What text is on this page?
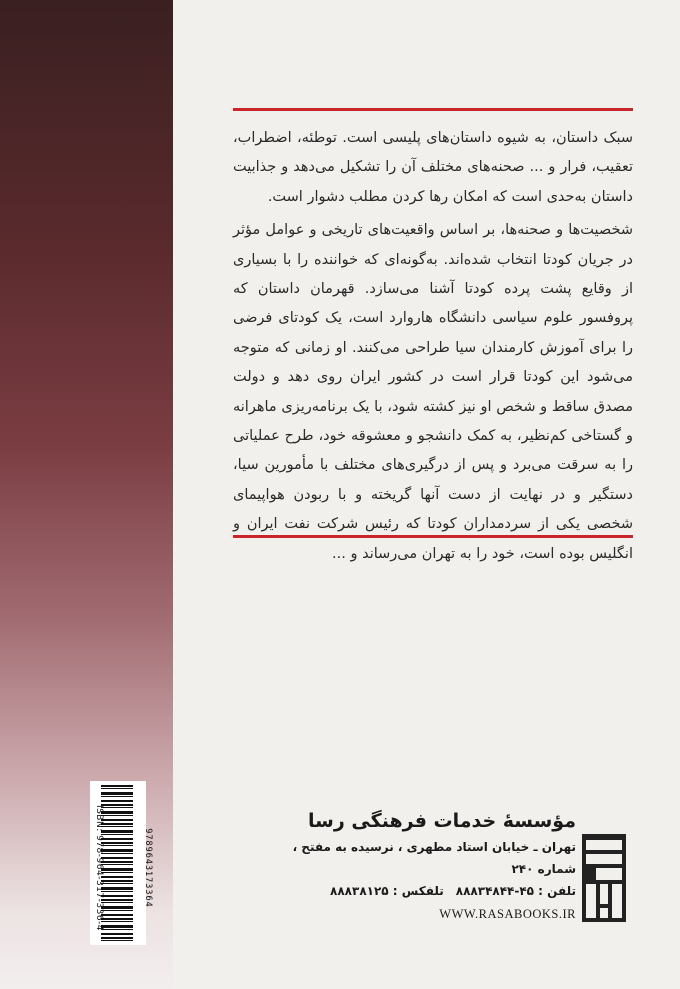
سبک داستان، به شیوه داستان‌های پلیسی است. توطئه، اضطراب، تعقیب، فرار و ... صحنه‌های مختلف آن را تشکیل می‌دهد و جذابیت داستان به‌حدی است که امکان رها کردن مطلب دشوار است.

شخصیت‌ها و صحنه‌ها، بر اساس واقعیت‌های تاریخی و عوامل مؤثر در جریان کودتا انتخاب شده‌اند. به‌گونه‌ای که خواننده را با بسیاری از وقایع پشت پرده کودتا آشنا می‌سازد. قهرمان داستان که پروفسور علوم سیاسی دانشگاه هاروارد است، یک کودتای فرضی را برای آموزش کارمندان سیا طراحی می‌کنند. او زمانی که متوجه می‌شود این کودتا قرار است در کشور ایران روی دهد و دولت مصدق ساقط و شخص او نیز کشته شود، با یک برنامه‌ریزی ماهرانه و گستاخی کم‌نظیر، به کمک دانشجو و معشوقه خود، طرح عملیاتی را به سرقت می‌برد و پس از درگیری‌های مختلف با مأمورین سیا، دستگیر و در نهایت از دست آنها گریخته و با ربودن هواپیمای شخصی یکی از سردمداران کودتا که رئیس شرکت نفت ایران و انگلیس بوده است، خود را به تهران می‌رساند و ...

ISBN: 978-964-317-336-4	9789643173364
مؤسسهٔ خدمات فرهنگی رسا
تهران ـ خیابان استاد مطهری ، نرسیده به مفتح ، شماره ۲۴۰
تلفن : ۴۵-۸۸۸۳۴۸۴۴تلفکس : ۸۸۸۳۸۱۲۵
WWW.RASABOOKS.IR
